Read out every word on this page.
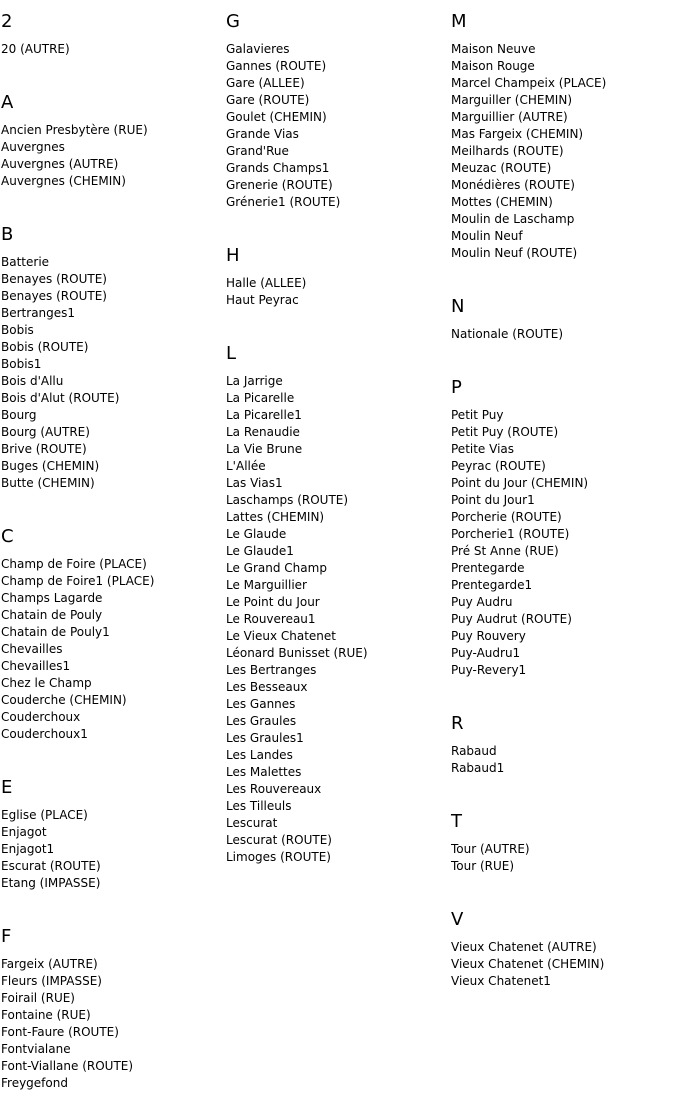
2
20 (AUTRE)
A
Ancien Presbytère (RUE)
Auvergnes
Auvergnes (AUTRE)
Auvergnes (CHEMIN)
B
Batterie
Benayes (ROUTE)
Benayes (ROUTE)
Bertranges1
Bobis
Bobis (ROUTE)
Bobis1
Bois d'Allu
Bois d'Alut (ROUTE)
Bourg
Bourg (AUTRE)
Brive (ROUTE)
Buges (CHEMIN)
Butte (CHEMIN)
C
Champ de Foire (PLACE)
Champ de Foire1 (PLACE)
Champs Lagarde
Chatain de Pouly
Chatain de Pouly1
Chevailles
Chevailles1
Chez le Champ
Couderche (CHEMIN)
Couderchoux
Couderchoux1
E
Eglise (PLACE)
Enjagot
Enjagot1
Escurat (ROUTE)
Etang (IMPASSE)
F
Fargeix (AUTRE)
Fleurs (IMPASSE)
Foirail (RUE)
Fontaine (RUE)
Font-Faure (ROUTE)
Fontvialane
Font-Viallane (ROUTE)
Freygefond
G
Galavieres
Gannes (ROUTE)
Gare (ALLEE)
Gare (ROUTE)
Goulet (CHEMIN)
Grande Vias
Grand'Rue
Grands Champs1
Grenerie (ROUTE)
Grénerie1 (ROUTE)
H
Halle (ALLEE)
Haut Peyrac
L
La Jarrige
La Picarelle
La Picarelle1
La Renaudie
La Vie Brune
L'Allée
Las Vias1
Laschamps (ROUTE)
Lattes (CHEMIN)
Le Glaude
Le Glaude1
Le Grand Champ
Le Marguillier
Le Point du Jour
Le Rouvereau1
Le Vieux Chatenet
Léonard Bunisset (RUE)
Les Bertranges
Les Besseaux
Les Gannes
Les Graules
Les Graules1
Les Landes
Les Malettes
Les Rouvereaux
Les Tilleuls
Lescurat
Lescurat (ROUTE)
Limoges (ROUTE)
M
Maison Neuve
Maison Rouge
Marcel Champeix (PLACE)
Marguiller (CHEMIN)
Marguillier (AUTRE)
Mas Fargeix (CHEMIN)
Meilhards (ROUTE)
Meuzac (ROUTE)
Monédières (ROUTE)
Mottes (CHEMIN)
Moulin de Laschamp
Moulin Neuf
Moulin Neuf (ROUTE)
N
Nationale (ROUTE)
P
Petit Puy
Petit Puy (ROUTE)
Petite Vias
Peyrac (ROUTE)
Point du Jour (CHEMIN)
Point du Jour1
Porcherie (ROUTE)
Porcherie1 (ROUTE)
Pré St Anne (RUE)
Prentegarde
Prentegarde1
Puy Audru
Puy Audrut (ROUTE)
Puy Rouvery
Puy-Audru1
Puy-Revery1
R
Rabaud
Rabaud1
T
Tour (AUTRE)
Tour (RUE)
V
Vieux Chatenet (AUTRE)
Vieux Chatenet (CHEMIN)
Vieux Chatenet1
